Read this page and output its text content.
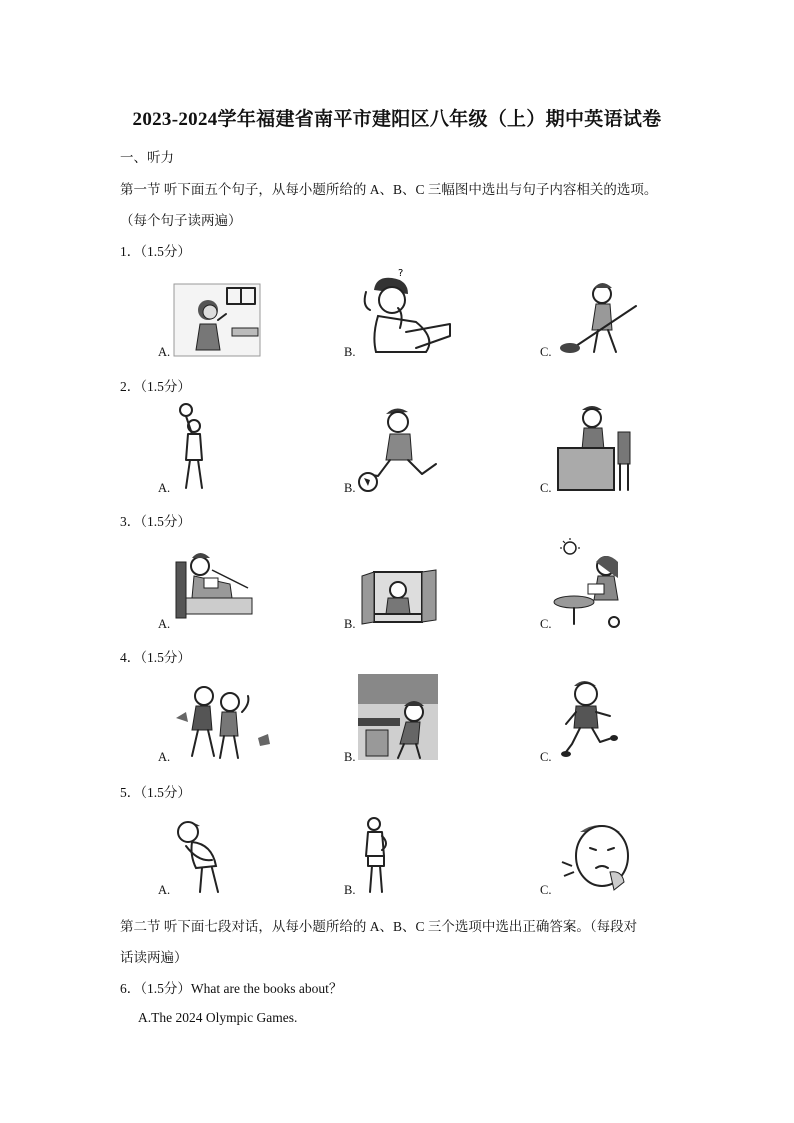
2023-2024学年福建省南平市建阳区八年级（上）期中英语试卷
一、听力
第一节 听下面五个句子，从每小题所给的 A、B、C 三幅图中选出与句子内容相关的选项。
（每个句子读两遍）
1．（1.5分）
A.
?
B.	C.
2．（1.5分）
A.	B.	C.
3．（1.5分）
A.	B.	C.
4．（1.5分）
A.	B.	C.
5．（1.5分）
A.	B.	C.
第二节 听下面七段对话，从每小题所给的 A、B、C 三个选项中选出正确答案。（每段对
话读两遍）
6．（1.5分）What are the books about？
A.The 2024 Olympic Games.
